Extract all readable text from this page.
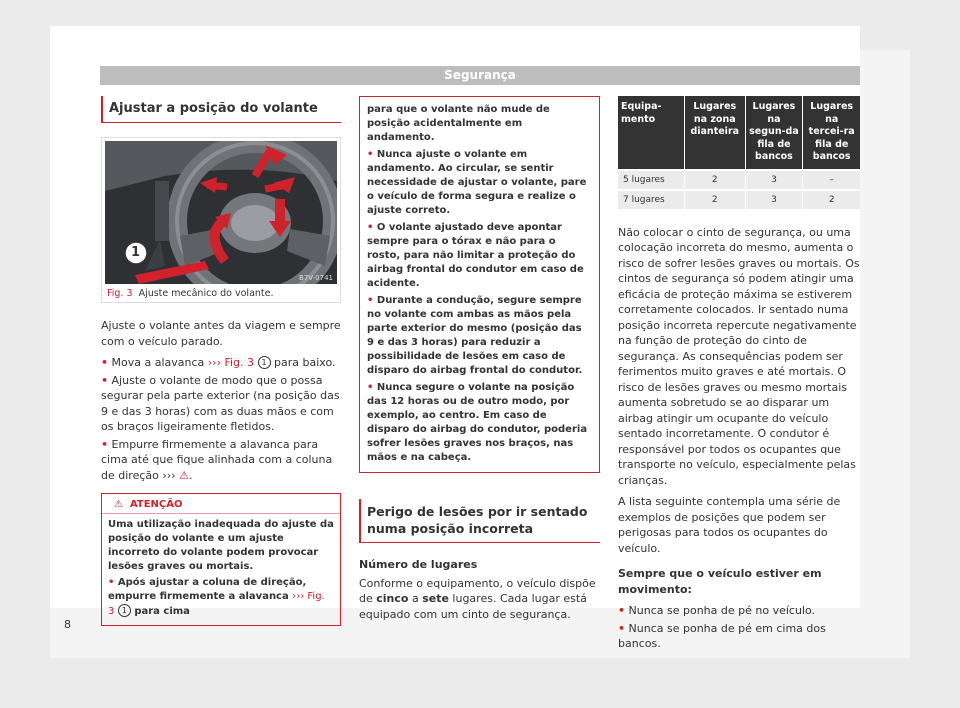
Segurança
Ajustar a posição do volante
1
B7V-0741
Fig. 3 Ajuste mecânico do volante.

Ajuste o volante antes da viagem e sempre com o veículo parado.

• Mova a alavanca ››› Fig. 3 1 para baixo.
• Ajuste o volante de modo que o possa segurar pela parte exterior (na posição das 9 e das 3 horas) com as duas mãos e com os braços ligeiramente fletidos.
• Empurre firmemente a alavanca para cima até que fique alinhada com a coluna de direção ››› ⚠.
⚠ ATENÇÃO
Uma utilização inadequada do ajuste da posição do volante e um ajuste incorreto do volante podem provocar lesões graves ou mortais.
• Após ajustar a coluna de direção, empurre firmemente a alavanca ››› Fig. 3 1 para cima
para que o volante não mude de posição acidentalmente em andamento.
• Nunca ajuste o volante em andamento. Ao circular, se sentir necessidade de ajustar o volante, pare o veículo de forma segura e realize o ajuste correto.
• O volante ajustado deve apontar sempre para o tórax e não para o rosto, para não limitar a proteção do airbag frontal do condutor em caso de acidente.
• Durante a condução, segure sempre no volante com ambas as mãos pela parte exterior do mesmo (posição das 9 e das 3 horas) para reduzir a possibilidade de lesões em caso de disparo do airbag frontal do condutor.
• Nunca segure o volante na posição das 12 horas ou de outro modo, por exemplo, ao centro. Em caso de disparo do airbag do condutor, poderia sofrer lesões graves nos braços, nas mãos e na cabeça.
Perigo de lesões por ir sentado numa posição incorreta
Número de lugares

Conforme o equipamento, o veículo dispõe de cinco a sete lugares. Cada lugar está equipado com um cinto de segurança.

Equipa-mento	Lugares na zona dianteira	Lugares na segun-da fila de bancos	Lugares na tercei-ra fila de bancos
5 lugares	2	3	–
7 lugares	2	3	2

Não colocar o cinto de segurança, ou uma colocação incorreta do mesmo, aumenta o risco de sofrer lesões graves ou mortais. Os cintos de segurança só podem atingir uma eficácia de proteção máxima se estiverem corretamente colocados. Ir sentado numa posição incorreta repercute negativamente na função de proteção do cinto de segurança. As consequências podem ser ferimentos muito graves e até mortais. O risco de lesões graves ou mesmo mortais aumenta sobretudo se ao disparar um airbag atingir um ocupante do veículo sentado incorretamente. O condutor é responsável por todos os ocupantes que transporte no veículo, especialmente pelas crianças.

A lista seguinte contempla uma série de exemplos de posições que podem ser perigosas para todos os ocupantes do veículo.

Sempre que o veículo estiver em movimento:

• Nunca se ponha de pé no veículo.
• Nunca se ponha de pé em cima dos bancos.
8
